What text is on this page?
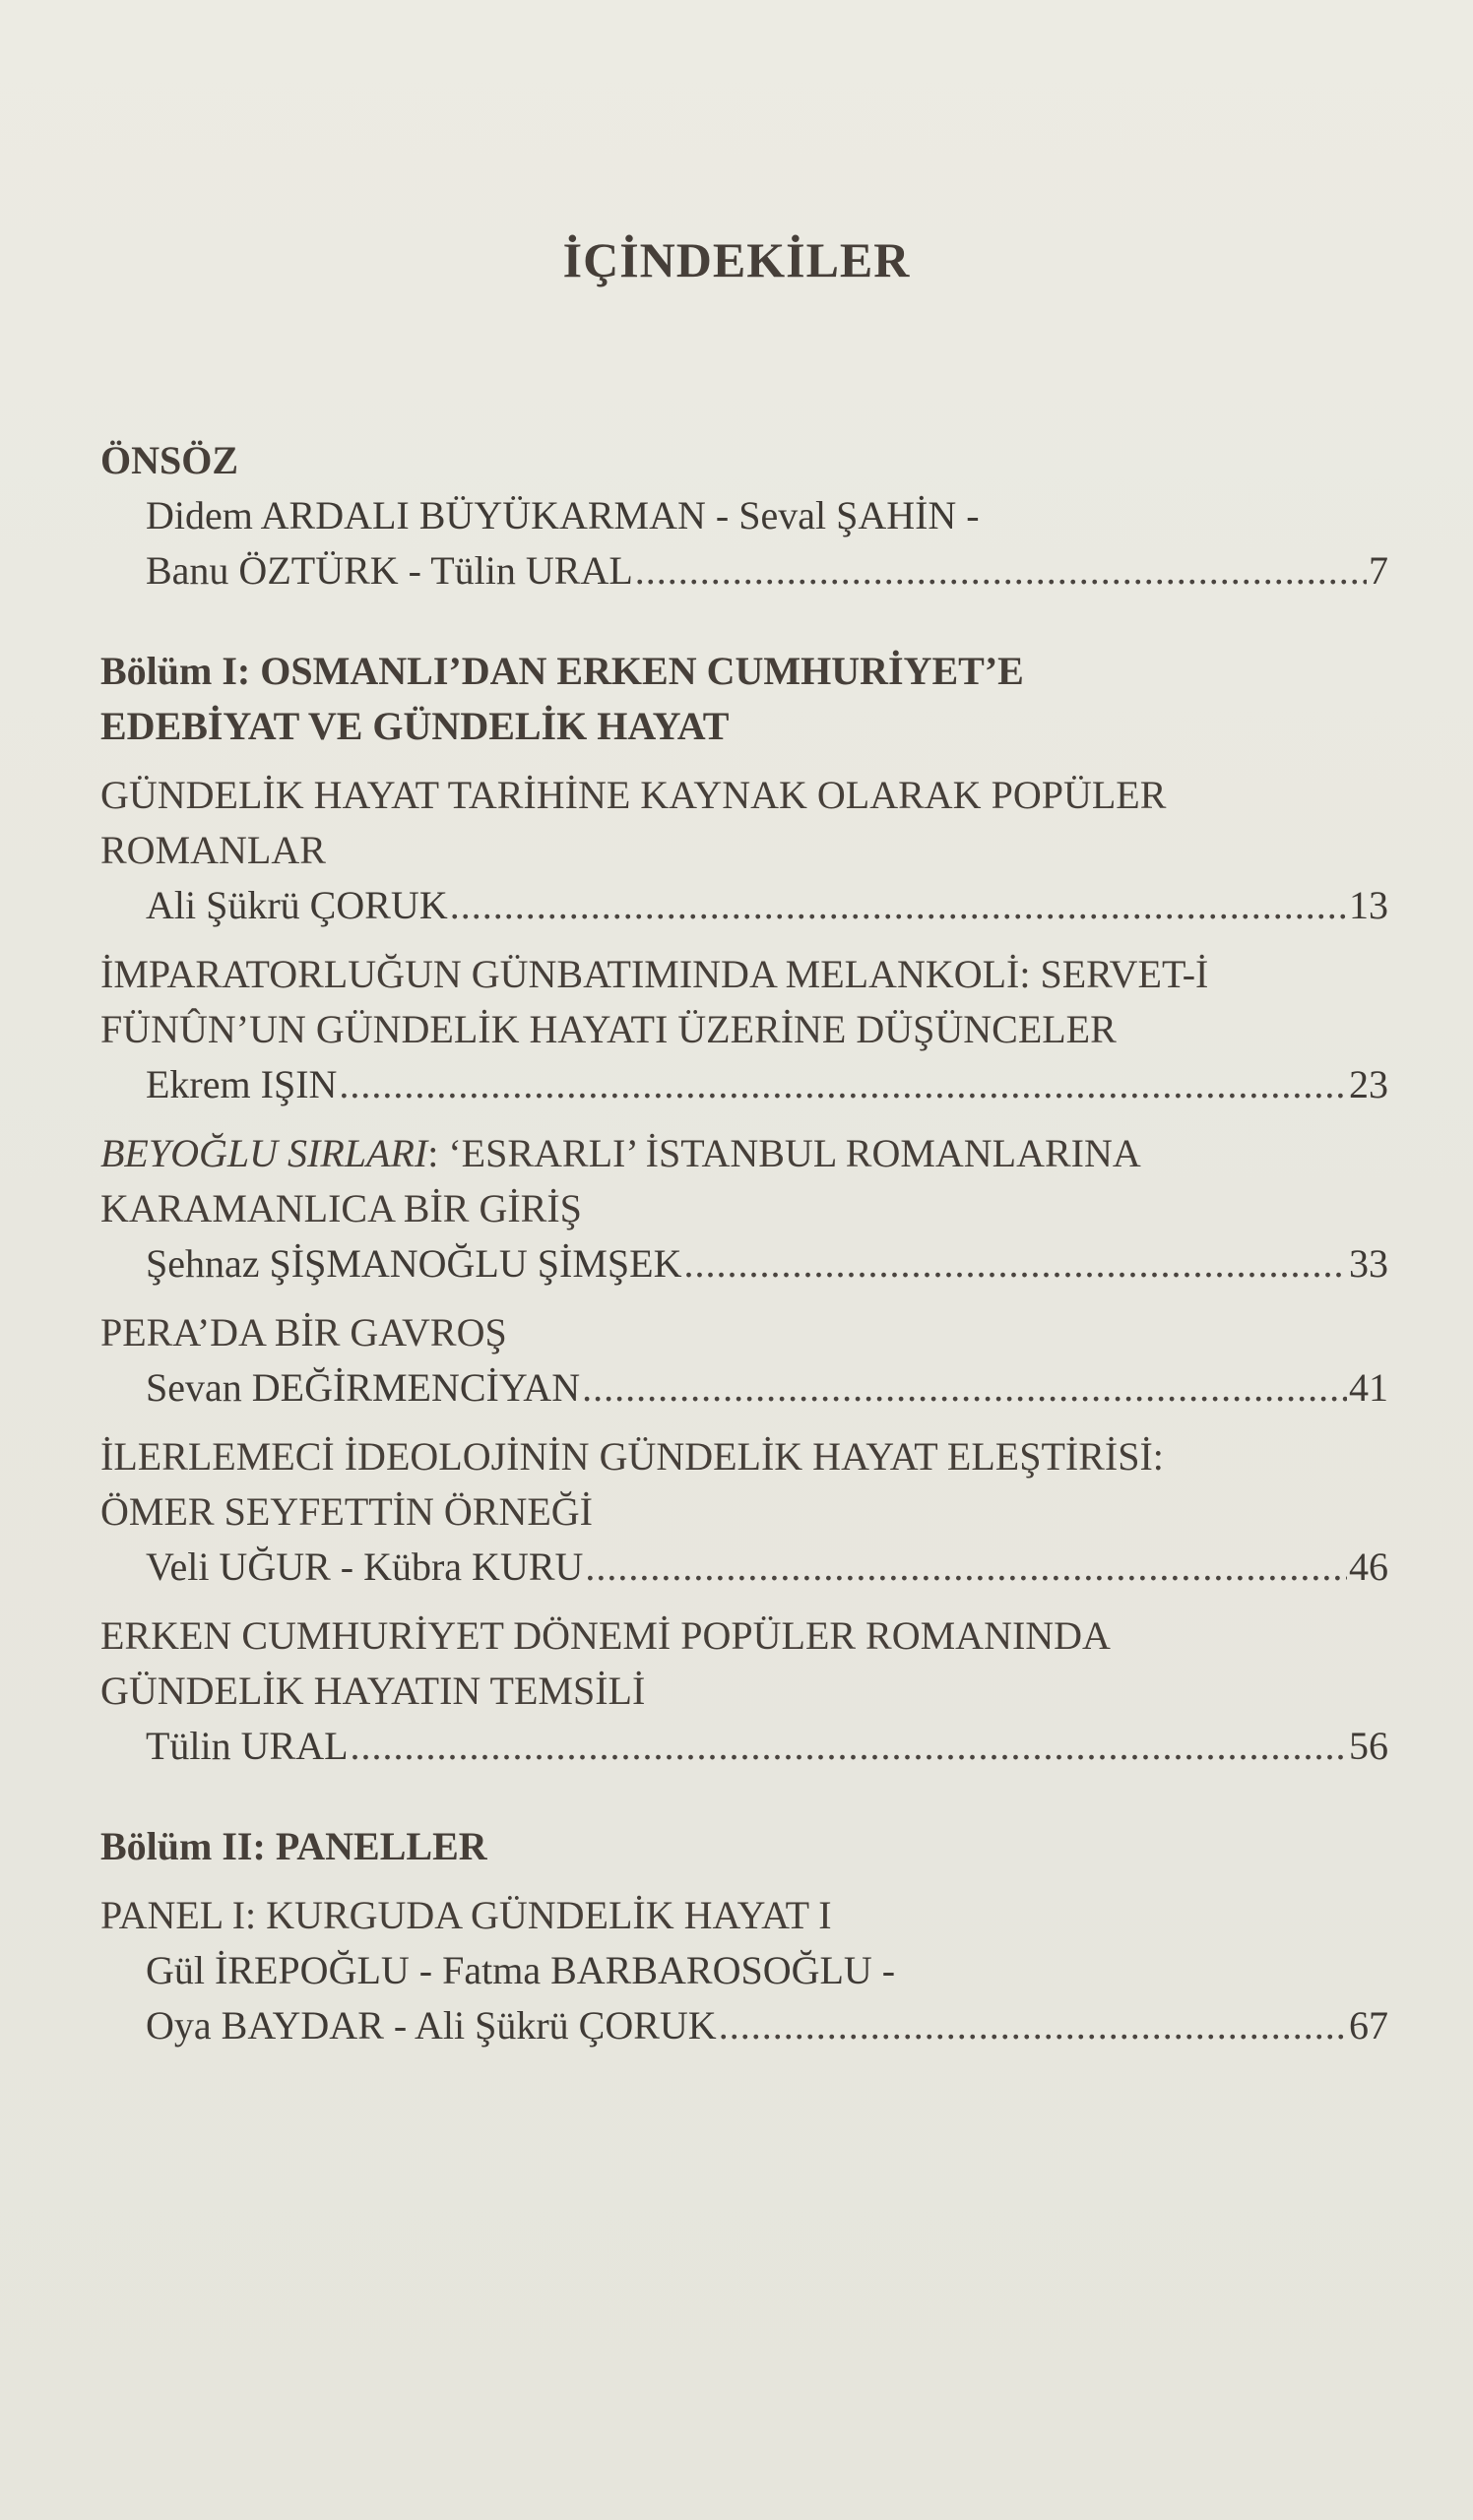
İÇİNDEKİLER
ÖNSÖZ
Didem ARDALI BÜYÜKARMAN - Seval ŞAHİN -
Banu ÖZTÜRK - Tülin URAL .....	7
Bölüm I: OSMANLI’DAN ERKEN CUMHURİYET’E
EDEBİYAT VE GÜNDELİK HAYAT
GÜNDELİK HAYAT TARİHİNE KAYNAK OLARAK POPÜLER
ROMANLAR
Ali Şükrü ÇORUK .....	13
İMPARATORLUĞUN GÜNBATIMINDA MELANKOLİ: SERVET-İ
FÜNÛN’UN GÜNDELİK HAYATI ÜZERİNE DÜŞÜNCELER
Ekrem IŞIN .....	23
BEYOĞLU SIRLARI: ‘ESRARLI’ İSTANBUL ROMANLARINA
KARAMANLICA BİR GİRİŞ
Şehnaz ŞİŞMANOĞLU ŞİMŞEK .....	33
PERA’DA BİR GAVROŞ
Sevan DEĞİRMENCİYAN .....	41
İLERLEMECİ İDEOLOJİNİN GÜNDELİK HAYAT ELEŞTİRİSİ:
ÖMER SEYFETTİN ÖRNEĞİ
Veli UĞUR - Kübra KURU .....	46
ERKEN CUMHURİYET DÖNEMİ POPÜLER ROMANINDA
GÜNDELİK HAYATIN TEMSİLİ
Tülin URAL .....	56
Bölüm II: PANELLER
PANEL I: KURGUDA GÜNDELİK HAYAT I
Gül İREPOĞLU - Fatma BARBAROSOĞLU -
Oya BAYDAR - Ali Şükrü ÇORUK .....	67
